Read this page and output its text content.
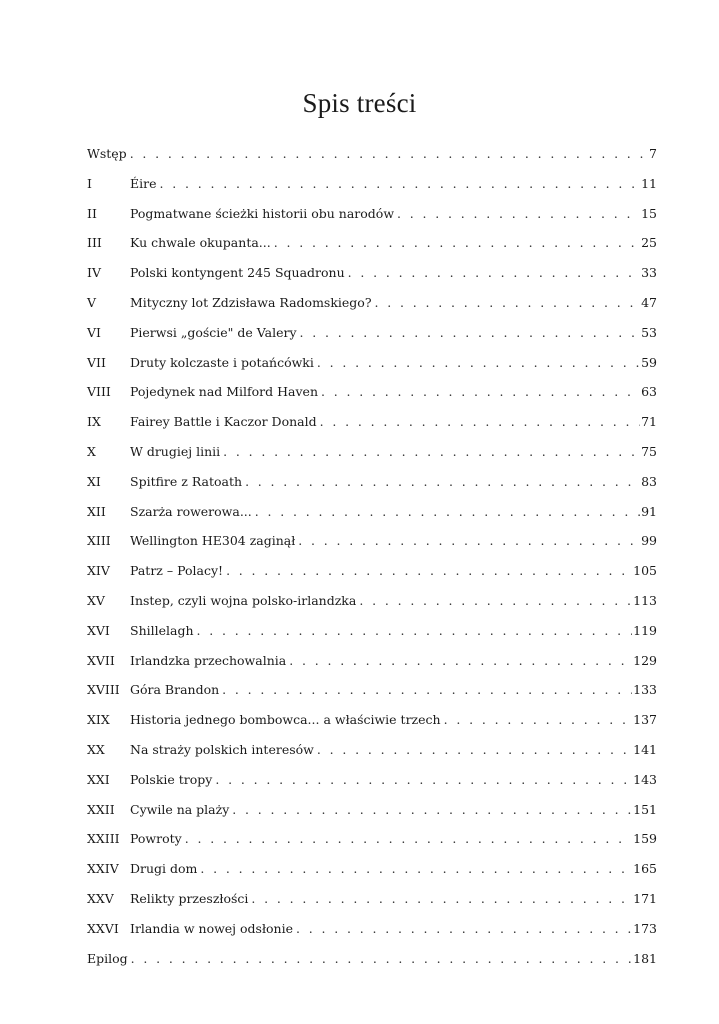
Spis treści
Wstęp . . .	7
I	Éire . . .	11
II	Pogmatwane ścieżki historii obu narodów . . .	15
III	Ku chwale okupanta... . . .	25
IV	Polski kontyngent 245 Squadronu . . .	33
V	Mityczny lot Zdzisława Radomskiego? . . .	47
VI	Pierwsi „goście" de Valery . . .	53
VII	Druty kolczaste i potańcówki . . .	59
VIII	Pojedynek nad Milford Haven . . .	63
IX	Fairey Battle i Kaczor Donald . . .	71
X	W drugiej linii . . .	75
XI	Spitfire z Ratoath . . .	83
XII	Szarża rowerowa... . . .	91
XIII	Wellington HE304 zaginął . . .	99
XIV	Patrz – Polacy! . . .	105
XV	Instep, czyli wojna polsko-irlandzka . . .	113
XVI	Shillelagh . . .	119
XVII	Irlandzka przechowalnia . . .	129
XVIII Góra Brandon . . .	133
XIX	Historia jednego bombowca... a właściwie trzech . . .	137
XX	Na straży polskich interesów . . .	141
XXI	Polskie tropy . . .	143
XXII	Cywile na plaży . . .	151
XXIII Powroty . . .	159
XXIV Drugi dom . . .	165
XXV	Relikty przeszłości . . .	171
XXVI Irlandia w nowej odsłonie . . .	173
Epilog . . .	181
